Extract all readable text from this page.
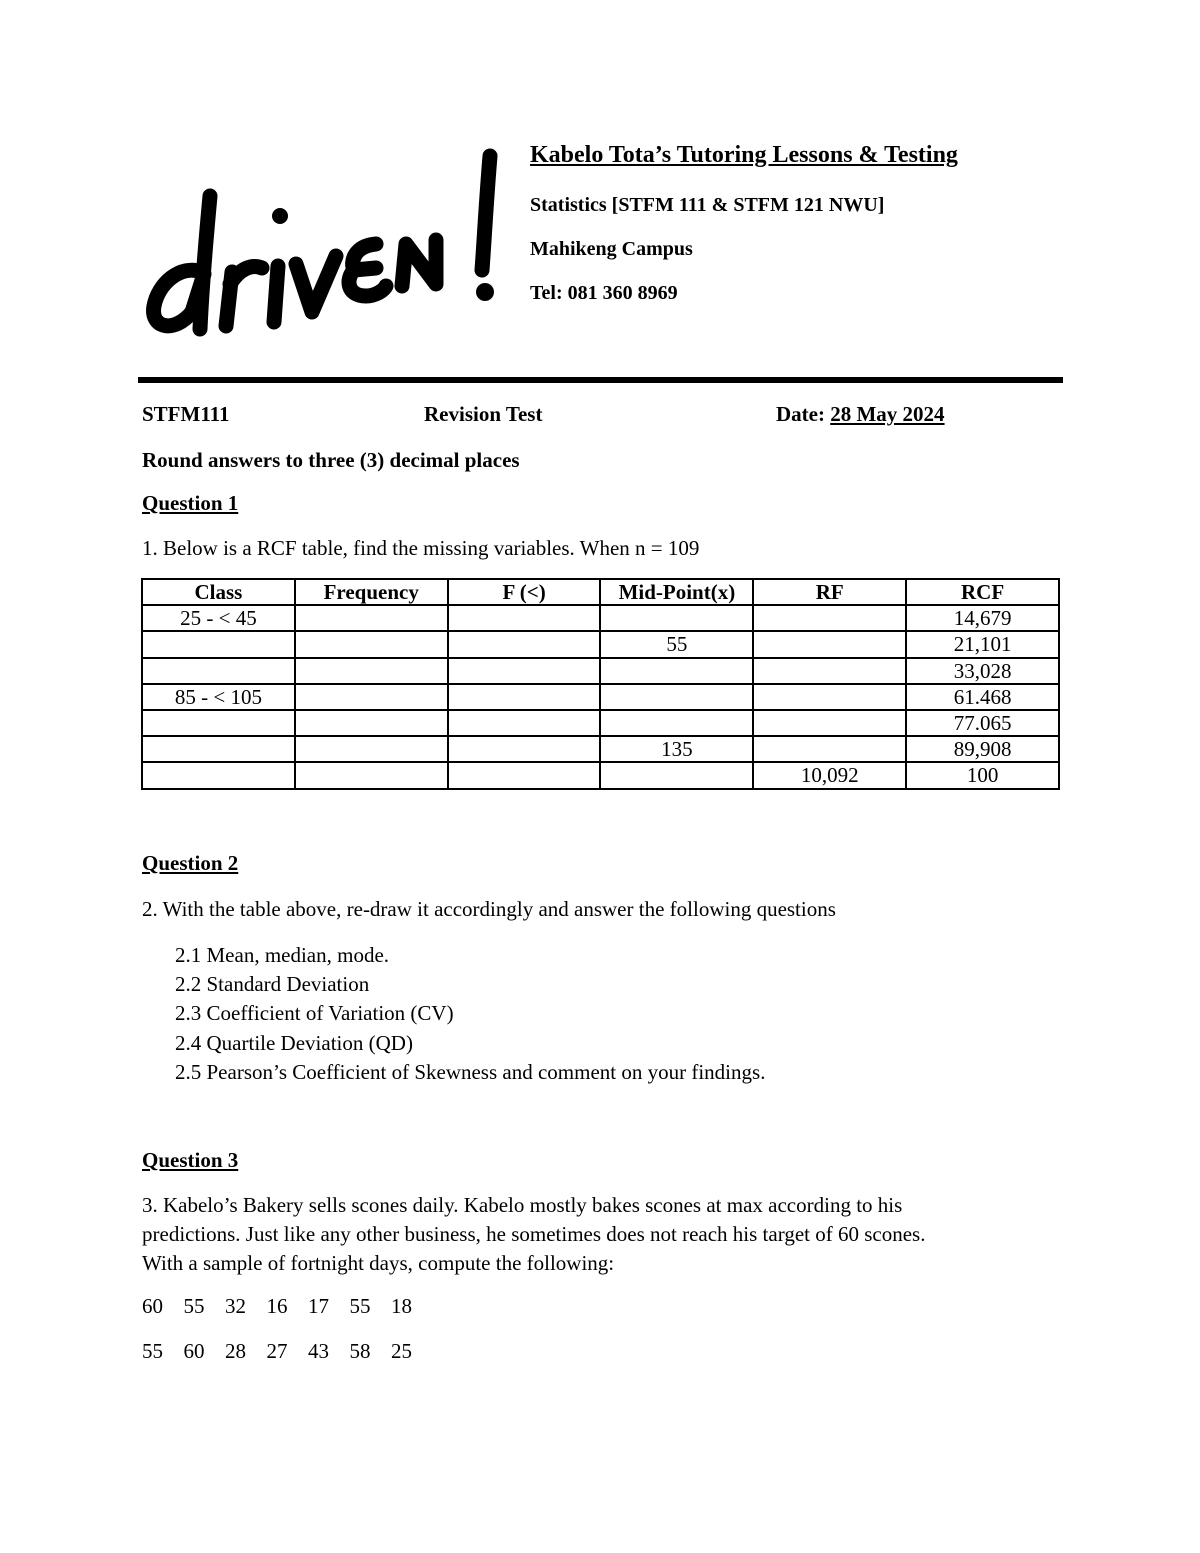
Kabelo Tota’s Tutoring Lessons & Testing
Statistics [STFM 111 & STFM 121 NWU]
Mahikeng Campus
Tel: 081 360 8969
STFM111	Revision Test	Date: 28 May 2024
Round answers to three (3) decimal places
Question 1
1. Below is a RCF table, find the missing variables. When n = 109
Class	Frequency	F (<)	Mid-Point(x)	RF	RCF
25 - < 45					14,679
			55		21,101
					33,028
85 - < 105					61.468
					77.065
			135		89,908
				10,092	100
Question 2
2. With the table above, re-draw it accordingly and answer the following questions
2.1 Mean, median, mode.
2.2 Standard Deviation
2.3 Coefficient of Variation (CV)
2.4 Quartile Deviation (QD)
2.5 Pearson’s Coefficient of Skewness and comment on your findings.
Question 3
3. Kabelo’s Bakery sells scones daily. Kabelo mostly bakes scones at max according to his
predictions. Just like any other business, he sometimes does not reach his target of 60 scones.
With a sample of fortnight days, compute the following:
60 55 32 16 17 55 18
55 60 28 27 43 58 25
